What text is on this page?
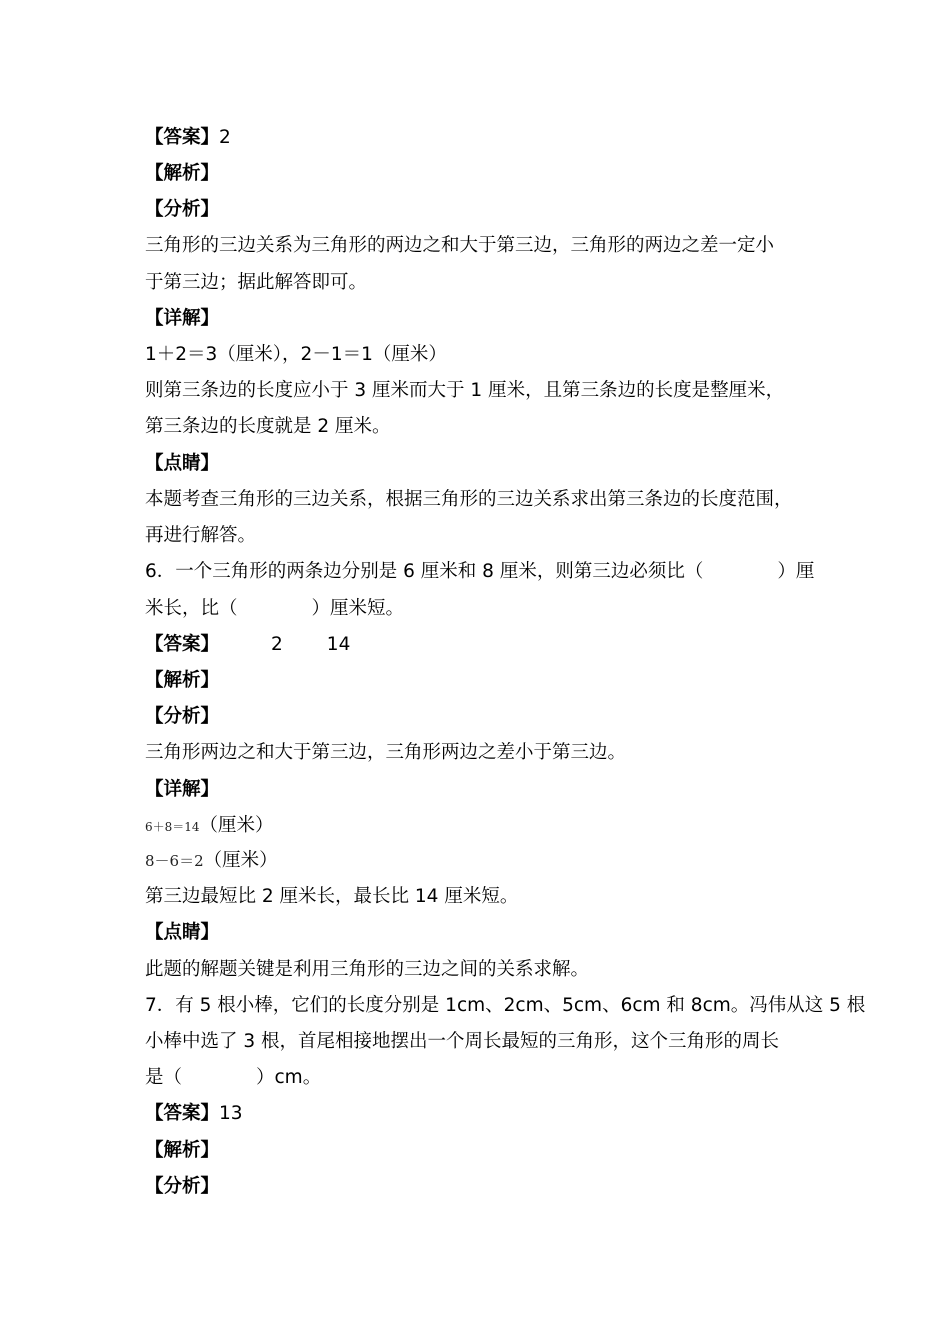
【答案】2
【解析】
【分析】
三角形的三边关系为三角形的两边之和大于第三边，三角形的两边之差一定小
于第三边；据此解答即可。
【详解】
1＋2＝3（厘米），2－1＝1（厘米）
则第三条边的长度应小于 3 厘米而大于 1 厘米，且第三条边的长度是整厘米，
第三条边的长度就是 2 厘米。
【点睛】
本题考查三角形的三边关系，根据三角形的三边关系求出第三条边的长度范围，
再进行解答。
6．一个三角形的两条边分别是 6 厘米和 8 厘米，则第三边必须比（　　　　）厘
米长，比（　　　　）厘米短。
【答案】	2 14
【解析】
【分析】
三角形两边之和大于第三边，三角形两边之差小于第三边。
【详解】
6＋8＝14（厘米）
8－6＝2（厘米）
第三边最短比 2 厘米长，最长比 14 厘米短。
【点睛】
此题的解题关键是利用三角形的三边之间的关系求解。
7．有 5 根小棒，它们的长度分别是 1cm、2cm、5cm、6cm 和 8cm。冯伟从这 5 根
小棒中选了 3 根，首尾相接地摆出一个周长最短的三角形，这个三角形的周长
是（　　　　）cm。
【答案】13
【解析】
【分析】
